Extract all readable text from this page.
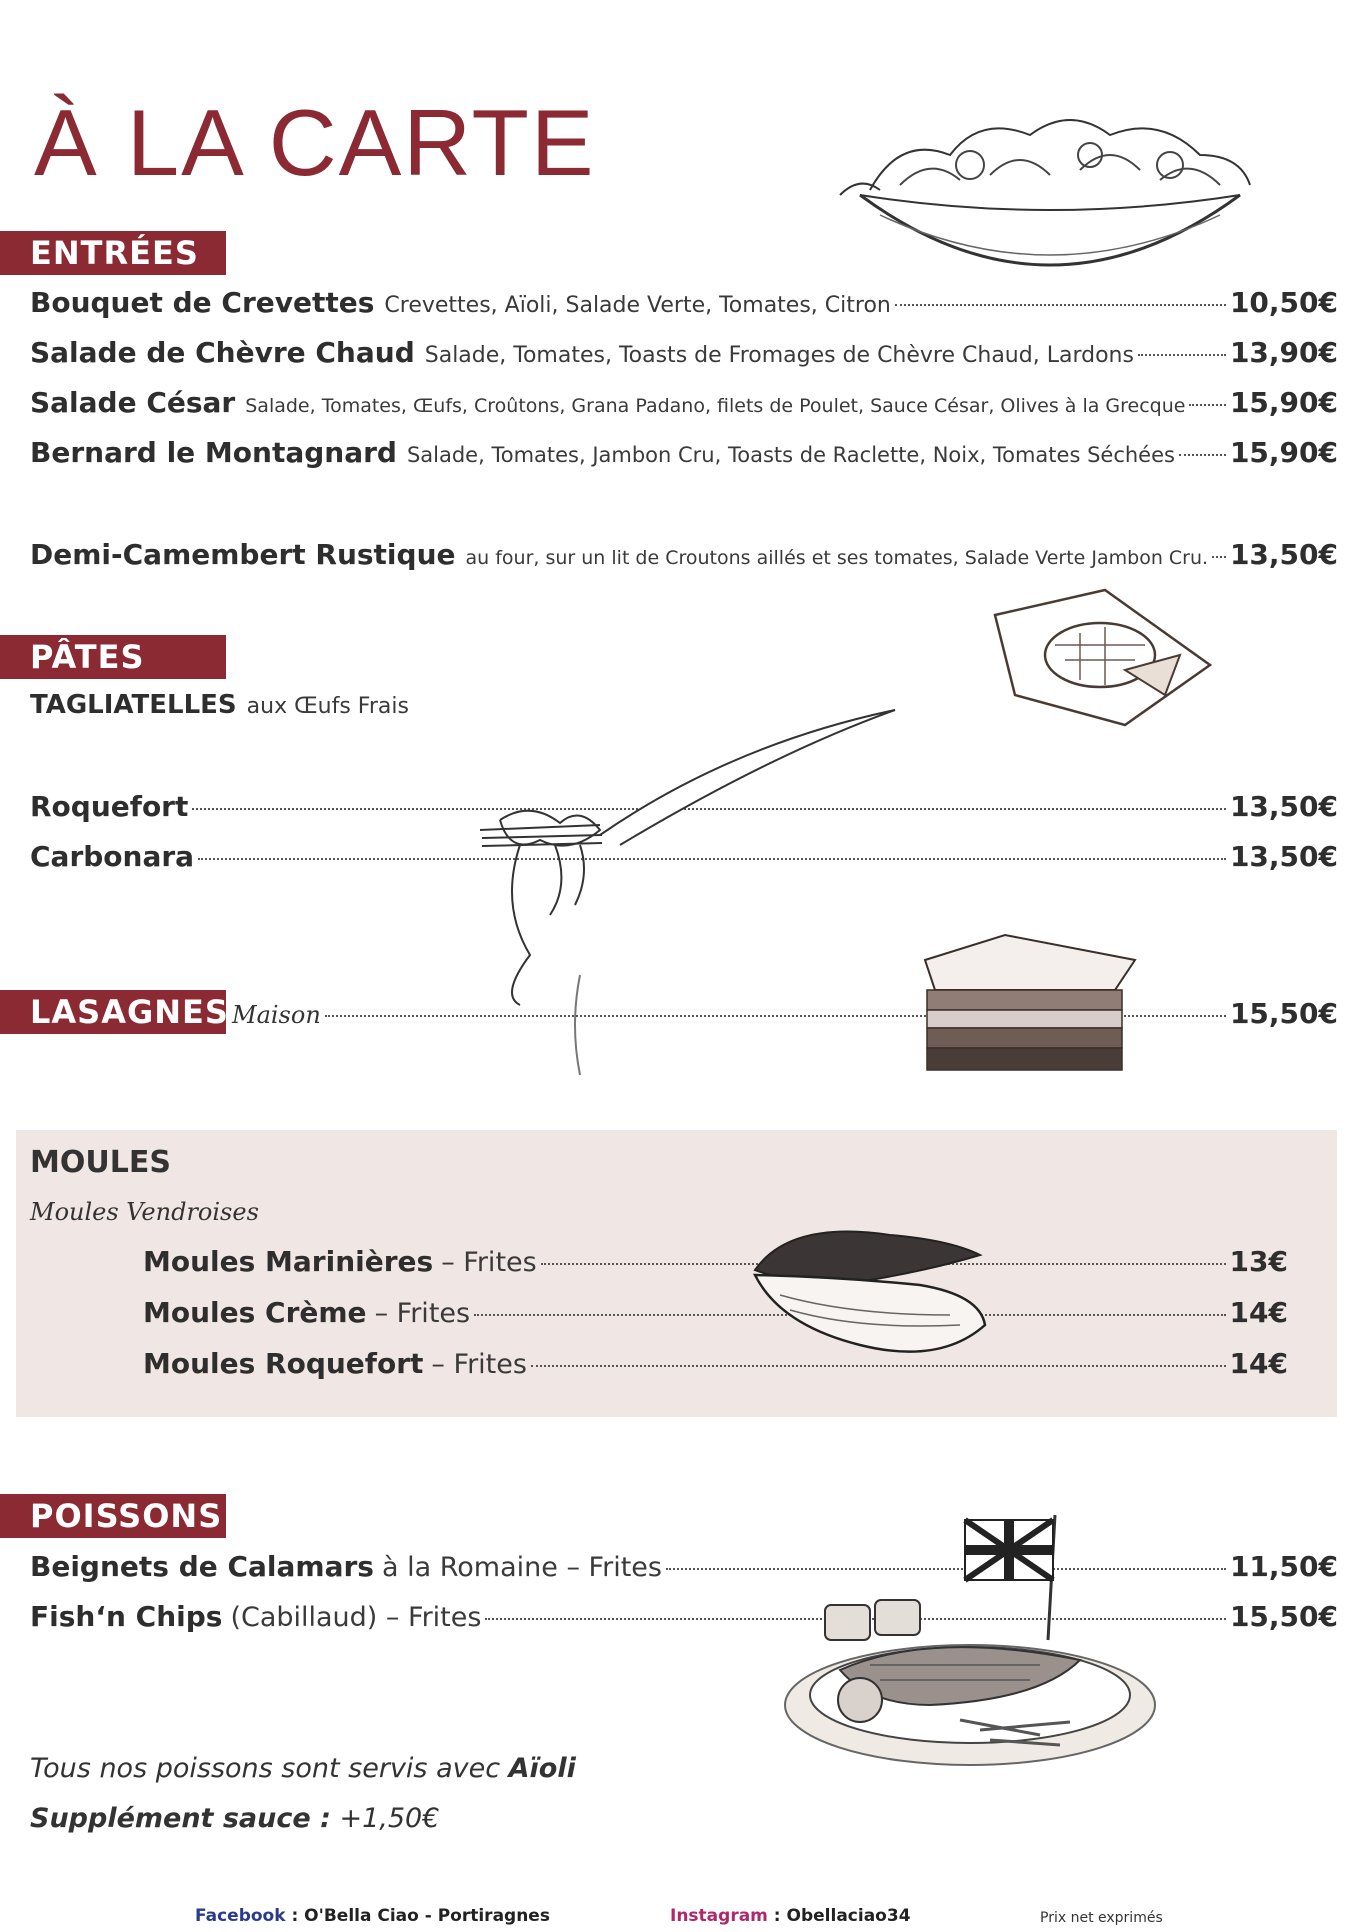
À LA CARTE
ENTRÉES
Bouquet de Crevettes Crevettes, Aïoli, Salade Verte, Tomates, Citron	10,50€
Salade de Chèvre Chaud Salade, Tomates, Toasts de Fromages de Chèvre Chaud, Lardons	13,90€
Salade César Salade, Tomates, Œufs, Croûtons, Grana Padano, filets de Poulet, Sauce César, Olives à la Grecque 15,90€
Bernard le Montagnard Salade, Tomates, Jambon Cru, Toasts de Raclette, Noix, Tomates Séchées 15,90€
Demi-Camembert Rustique au four, sur un lit de Croutons aillés et ses tomates, Salade Verte Jambon Cru. 13,50€
PÂTES
TAGLIATELLES aux Œufs Frais
Roquefort	13,50€
Carbonara	13,50€
LASAGNES Maison	15,50€
MOULES
Moules Vendroises
Moules Marinières – Frites	13€
Moules Crème – Frites	14€
Moules Roquefort – Frites	14€
POISSONS
Beignets de Calamars à la Romaine – Frites	11,50€
Fish‘n Chips (Cabillaud) – Frites	15,50€
Tous nos poissons sont servis avec Aïoli
Supplément sauce : +1,50€
Facebook : O'Bella Ciao - Portiragnes	Instagram : Obellaciao34	Prix net exprimés
